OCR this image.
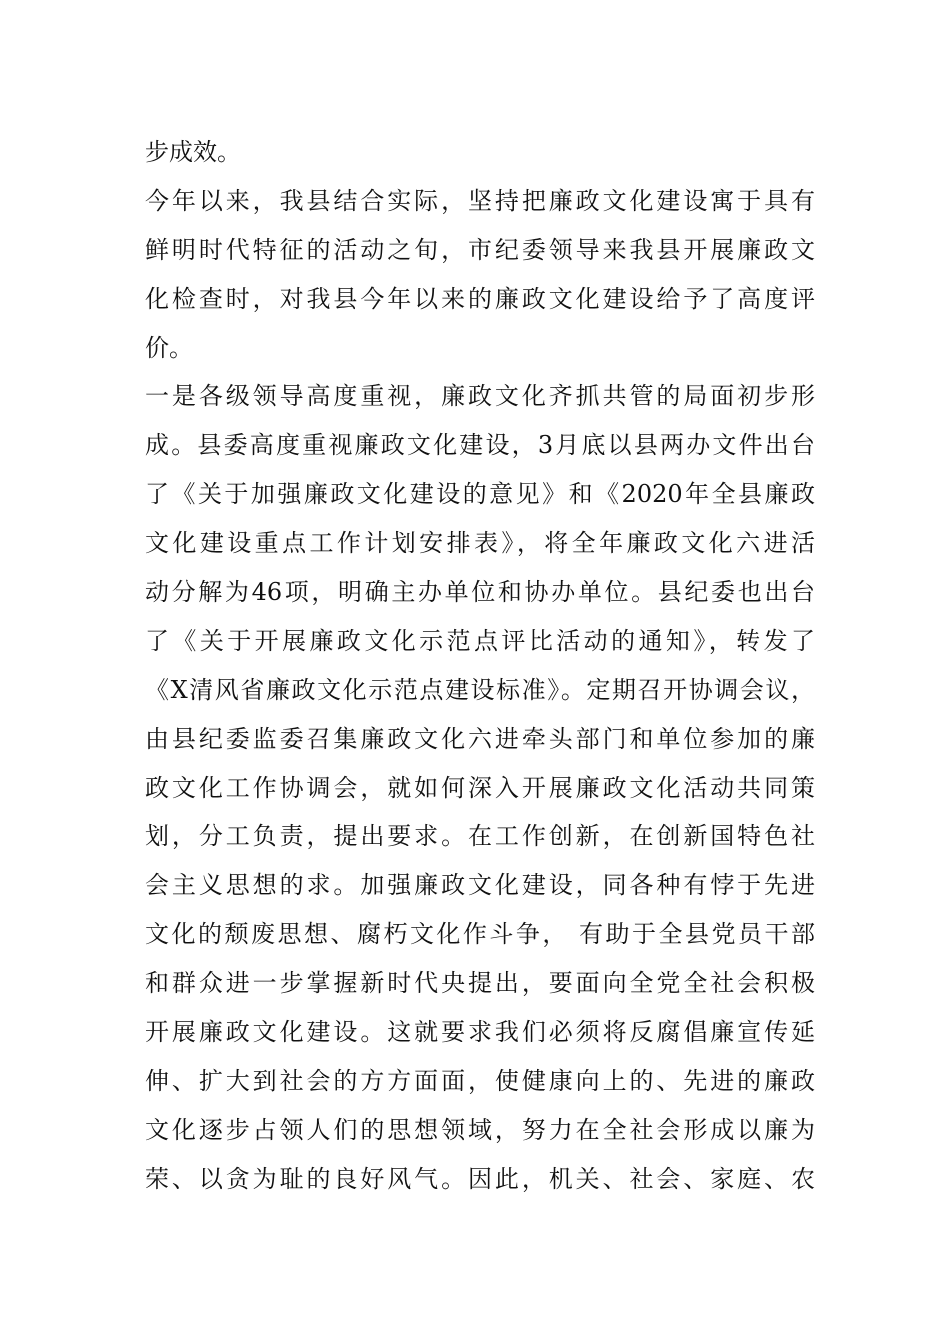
步成效。
今年以来，我县结合实际，坚持把廉政文化建设寓于具有
鲜明时代特征的活动之旬，市纪委领导来我县开展廉政文
化检查时，对我县今年以来的廉政文化建设给予了高度评
价。
一是各级领导高度重视，廉政文化齐抓共管的局面初步形
成。县委高度重视廉政文化建设，3月底以县两办文件出台
了《关于加强廉政文化建设的意见》和《2020年全县廉政
文化建设重点工作计划安排表》，将全年廉政文化六进活
动分解为46项，明确主办单位和协办单位。县纪委也出台
了《关于开展廉政文化示范点评比活动的通知》，转发了
《X清风省廉政文化示范点建设标准》。定期召开协调会议，
由县纪委监委召集廉政文化六进牵头部门和单位参加的廉
政文化工作协调会，就如何深入开展廉政文化活动共同策
划，分工负责，提出要求。在工作创新，在创新国特色社
会主义思想的求。加强廉政文化建设，同各种有悖于先进
文化的颓废思想、腐朽文化作斗争， 有助于全县党员干部
和群众进一步掌握新时代央提出，要面向全党全社会积极
开展廉政文化建设。这就要求我们必须将反腐倡廉宣传延
伸、扩大到社会的方方面面，使健康向上的、先进的廉政
文化逐步占领人们的思想领域，努力在全社会形成以廉为
荣、以贪为耻的良好风气。因此，机关、社会、家庭、农
